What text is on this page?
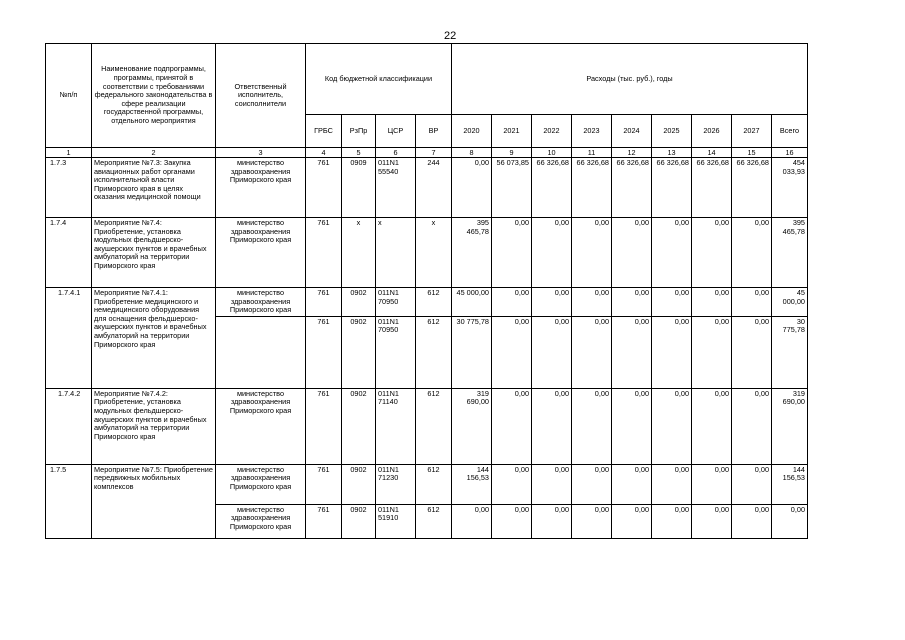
22
№п/п	Наименование подпрограммы, программы, принятой в соответствии с требованиями федерального законодательства в сфере реализации государственной программы, отдельного мероприятия	Ответственный исполнитель, соисполнители	Код бюджетной классификации				Расходы (тыс. руб.), годы								
			ГРБС	РзПр	ЦСР	ВР	2020	2021	2022	2023	2024	2025	2026	2027	Всего
1	2	3	4	5	6	7	8	9	10	11	12	13	14	15	16
1.7.3	Мероприятие №7.3: Закупка авиационных работ органами исполнительной власти Приморского края в целях оказания медицинской помощи	министерство здравоохранения Приморского края	761	0909	011N1 55540	244	0,00	56 073,85	66 326,68	66 326,68	66 326,68	66 326,68	66 326,68	66 326,68	454 033,93
1.7.4	Мероприятие №7.4: Приобретение, установка модульных фельдшерско-акушерских пунктов и врачебных амбулаторий на территории Приморского края	министерство здравоохранения Приморского края	761	x	x	x	395 465,78	0,00	0,00	0,00	0,00	0,00	0,00	0,00	395 465,78
1.7.4.1	Мероприятие №7.4.1: Приобретение медицинского и немедицинского оборудования для оснащения фельдшерско-акушерских пунктов и врачебных амбулаторий на территории Приморского края	министерство здравоохранения Приморского края	761	0902	011N1 70950	612	45 000,00	0,00	0,00	0,00	0,00	0,00	0,00	0,00	45 000,00
			761	0902	011N1 70950	612	30 775,78	0,00	0,00	0,00	0,00	0,00	0,00	0,00	30 775,78
1.7.4.2	Мероприятие №7.4.2: Приобретение, установка модульных фельдшерско-акушерских пунктов и врачебных амбулаторий на территории Приморского края	министерство здравоохранения Приморского края	761	0902	011N1 71140	612	319 690,00	0,00	0,00	0,00	0,00	0,00	0,00	0,00	319 690,00
1.7.5	Мероприятие №7.5: Приобретение передвижных мобильных комплексов	министерство здравоохранения Приморского края	761	0902	011N1 71230	612	144 156,53	0,00	0,00	0,00	0,00	0,00	0,00	0,00	144 156,53
		министерство здравоохранения Приморского края	761	0902	011N1 51910	612	0,00	0,00	0,00	0,00	0,00	0,00	0,00	0,00	0,00
